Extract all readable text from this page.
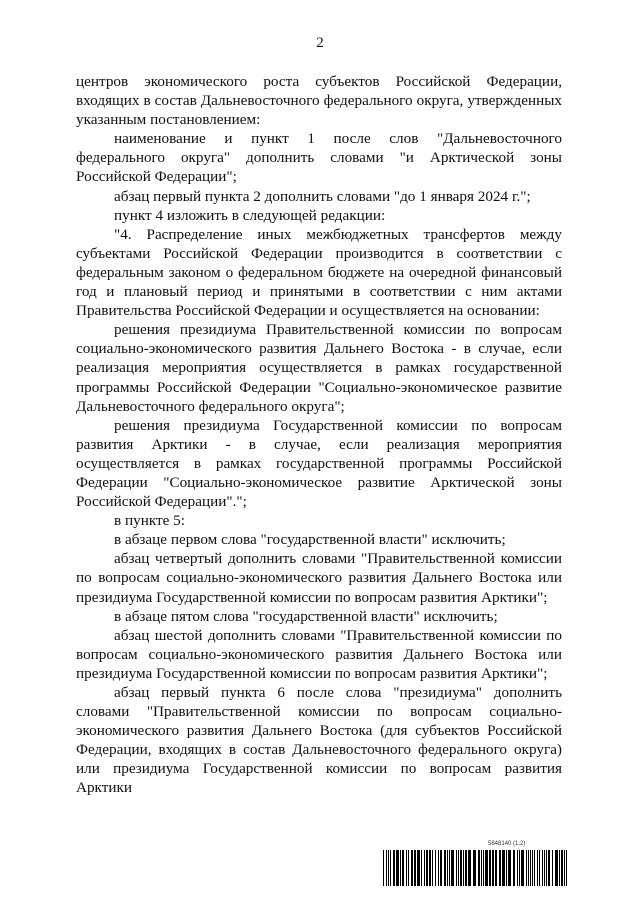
2

центров экономического роста субъектов Российской Федерации, входящих в состав Дальневосточного федерального округа, утвержденных указанным постановлением:

наименование и пункт 1 после слов "Дальневосточного федерального округа" дополнить словами "и Арктической зоны Российской Федерации";

абзац первый пункта 2 дополнить словами "до 1 января 2024 г.";

пункт 4 изложить в следующей редакции:

"4. Распределение иных межбюджетных трансфертов между субъектами Российской Федерации производится в соответствии с федеральным законом о федеральном бюджете на очередной финансовый год и плановый период и принятыми в соответствии с ним актами Правительства Российской Федерации и осуществляется на основании:

решения президиума Правительственной комиссии по вопросам социально-экономического развития Дальнего Востока - в случае, если реализация мероприятия осуществляется в рамках государственной программы Российской Федерации "Социально-экономическое развитие Дальневосточного федерального округа";

решения президиума Государственной комиссии по вопросам развития Арктики - в случае, если реализация мероприятия осуществляется в рамках государственной программы Российской Федерации "Социально-экономическое развитие Арктической зоны Российской Федерации".";

в пункте 5:

в абзаце первом слова "государственной власти" исключить;

абзац четвертый дополнить словами "Правительственной комиссии по вопросам социально-экономического развития Дальнего Востока или президиума Государственной комиссии по вопросам развития Арктики";

в абзаце пятом слова "государственной власти" исключить;

абзац шестой дополнить словами "Правительственной комиссии по вопросам социально-экономического развития Дальнего Востока или президиума Государственной комиссии по вопросам развития Арктики";

абзац первый пункта 6 после слова "президиума" дополнить словами "Правительственной комиссии по вопросам социально-экономического развития Дальнего Востока (для субъектов Российской Федерации, входящих в состав Дальневосточного федерального округа) или президиума Государственной комиссии по вопросам развития Арктики

5848140 (1.2)
